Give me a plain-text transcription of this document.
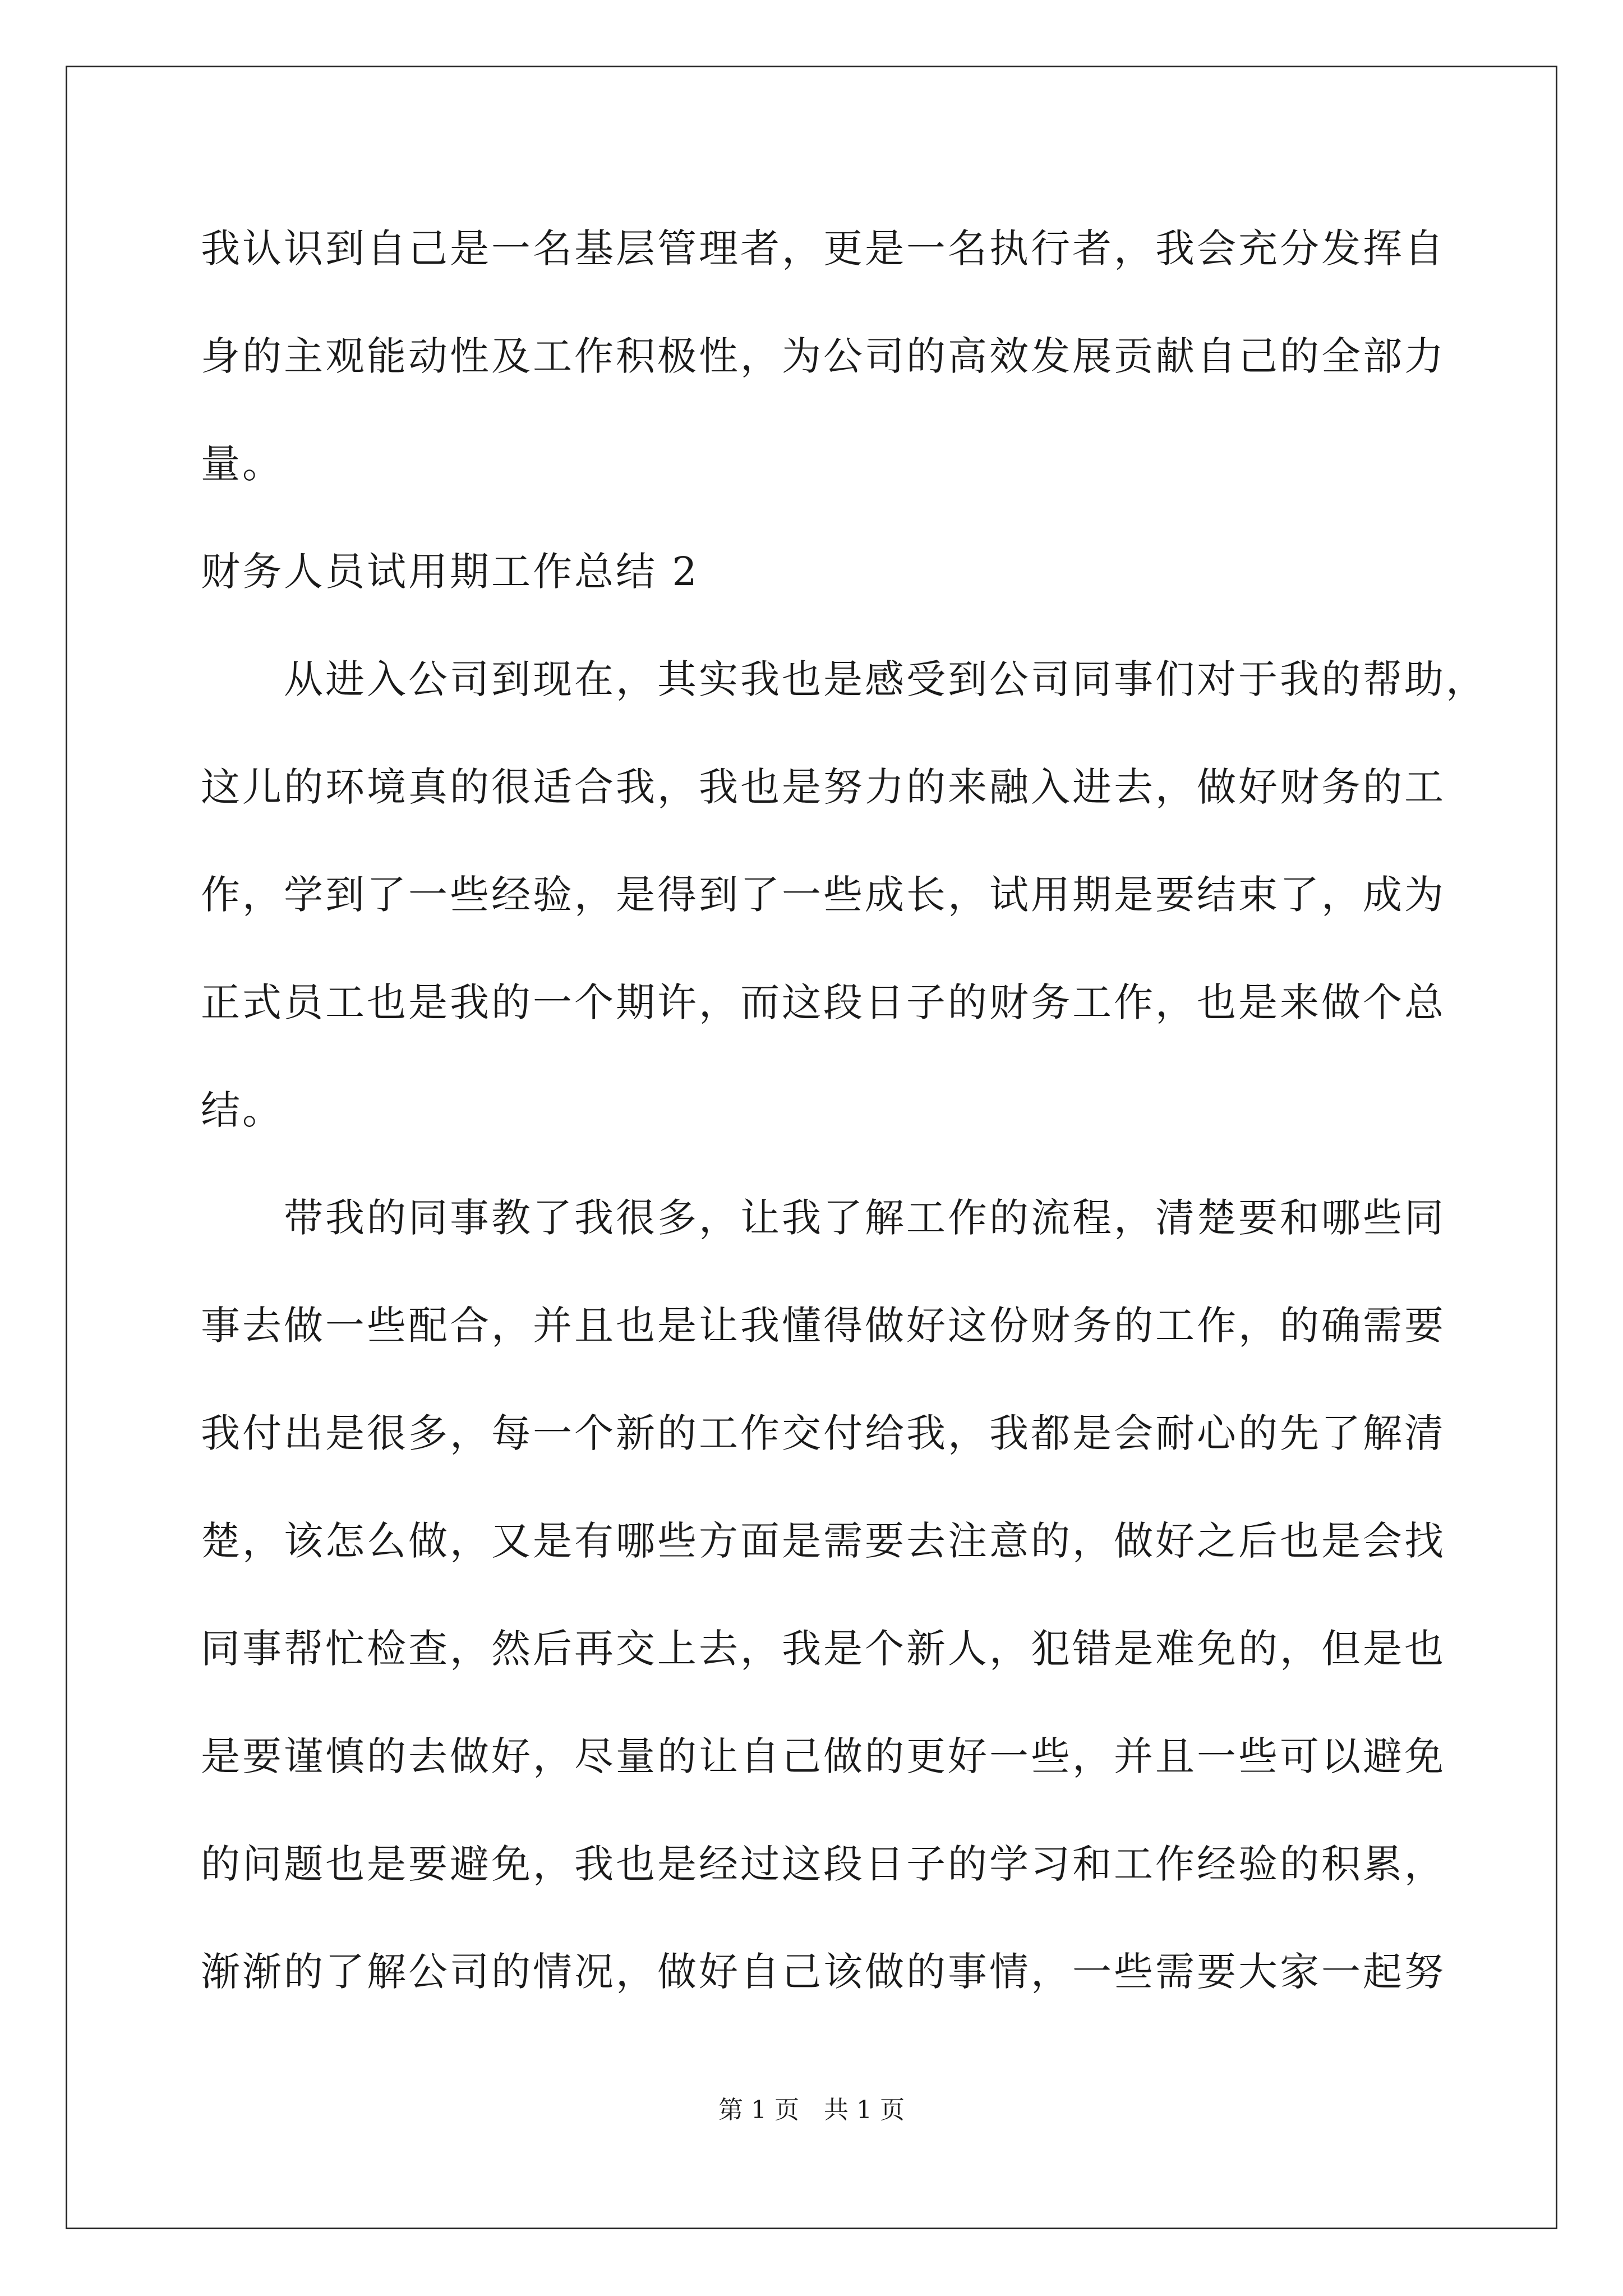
我认识到自己是一名基层管理者，更是一名执行者，我会充分发挥自
身的主观能动性及工作积极性，为公司的高效发展贡献自己的全部力
量。
财务人员试用期工作总结 2
　　从进入公司到现在，其实我也是感受到公司同事们对于我的帮助，
这儿的环境真的很适合我，我也是努力的来融入进去，做好财务的工
作，学到了一些经验，是得到了一些成长，试用期是要结束了，成为
正式员工也是我的一个期许，而这段日子的财务工作，也是来做个总
结。
　　带我的同事教了我很多，让我了解工作的流程，清楚要和哪些同
事去做一些配合，并且也是让我懂得做好这份财务的工作，的确需要
我付出是很多，每一个新的工作交付给我，我都是会耐心的先了解清
楚，该怎么做，又是有哪些方面是需要去注意的，做好之后也是会找
同事帮忙检查，然后再交上去，我是个新人，犯错是难免的，但是也
是要谨慎的去做好，尽量的让自己做的更好一些，并且一些可以避免
的问题也是要避免，我也是经过这段日子的学习和工作经验的积累，
渐渐的了解公司的情况，做好自己该做的事情，一些需要大家一起努
第 1 页　共 1 页
